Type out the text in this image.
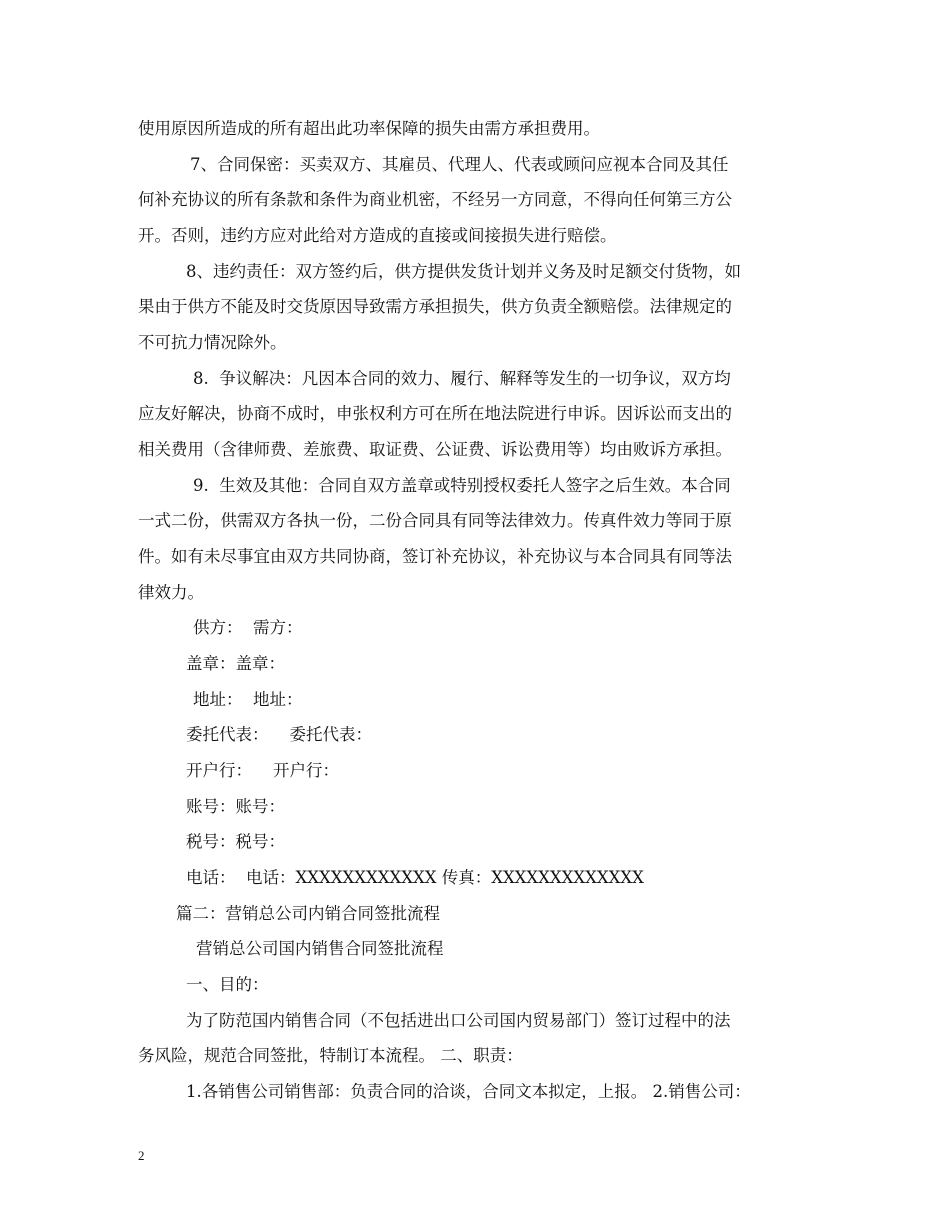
使用原因所造成的所有超出此功率保障的损失由需方承担费用。
7、合同保密：买卖双方、其雇员、代理人、代表或顾问应视本合同及其任
何补充协议的所有条款和条件为商业机密，不经另一方同意，不得向任何第三方公
开。否则，违约方应对此给对方造成的直接或间接损失进行赔偿。
8、违约责任：双方签约后，供方提供发货计划并义务及时足额交付货物，如
果由于供方不能及时交货原因导致需方承担损失，供方负责全额赔偿。法律规定的
不可抗力情况除外。
8.  争议解决：凡因本合同的效力、履行、解释等发生的一切争议，双方均
应友好解决，协商不成时，申张权利方可在所在地法院进行申诉。因诉讼而支出的
相关费用（含律师费、差旅费、取证费、公证费、诉讼费用等）均由败诉方承担。
9.  生效及其他：合同自双方盖章或特别授权委托人签字之后生效。本合同
一式二份，供需双方各执一份，二份合同具有同等法律效力。传真件效力等同于原
件。如有未尽事宜由双方共同协商，签订补充协议，补充协议与本合同具有同等法
律效力。
供方：  需方：
盖章：盖章：
地址：  地址：
委托代表：    委托代表：
开户行：    开户行：
账号：账号：
税号：税号：
电话：  电话：XXXXXXXXXXXX 传真：XXXXXXXXXXXXX
篇二：营销总公司内销合同签批流程
营销总公司国内销售合同签批流程
一、目的：
为了防范国内销售合同（不包括进出口公司国内贸易部门）签订过程中的法
务风险，规范合同签批，特制订本流程。 二、职责：
1.各销售公司销售部：负责合同的洽谈，合同文本拟定，上报。 2.销售公司：
2
